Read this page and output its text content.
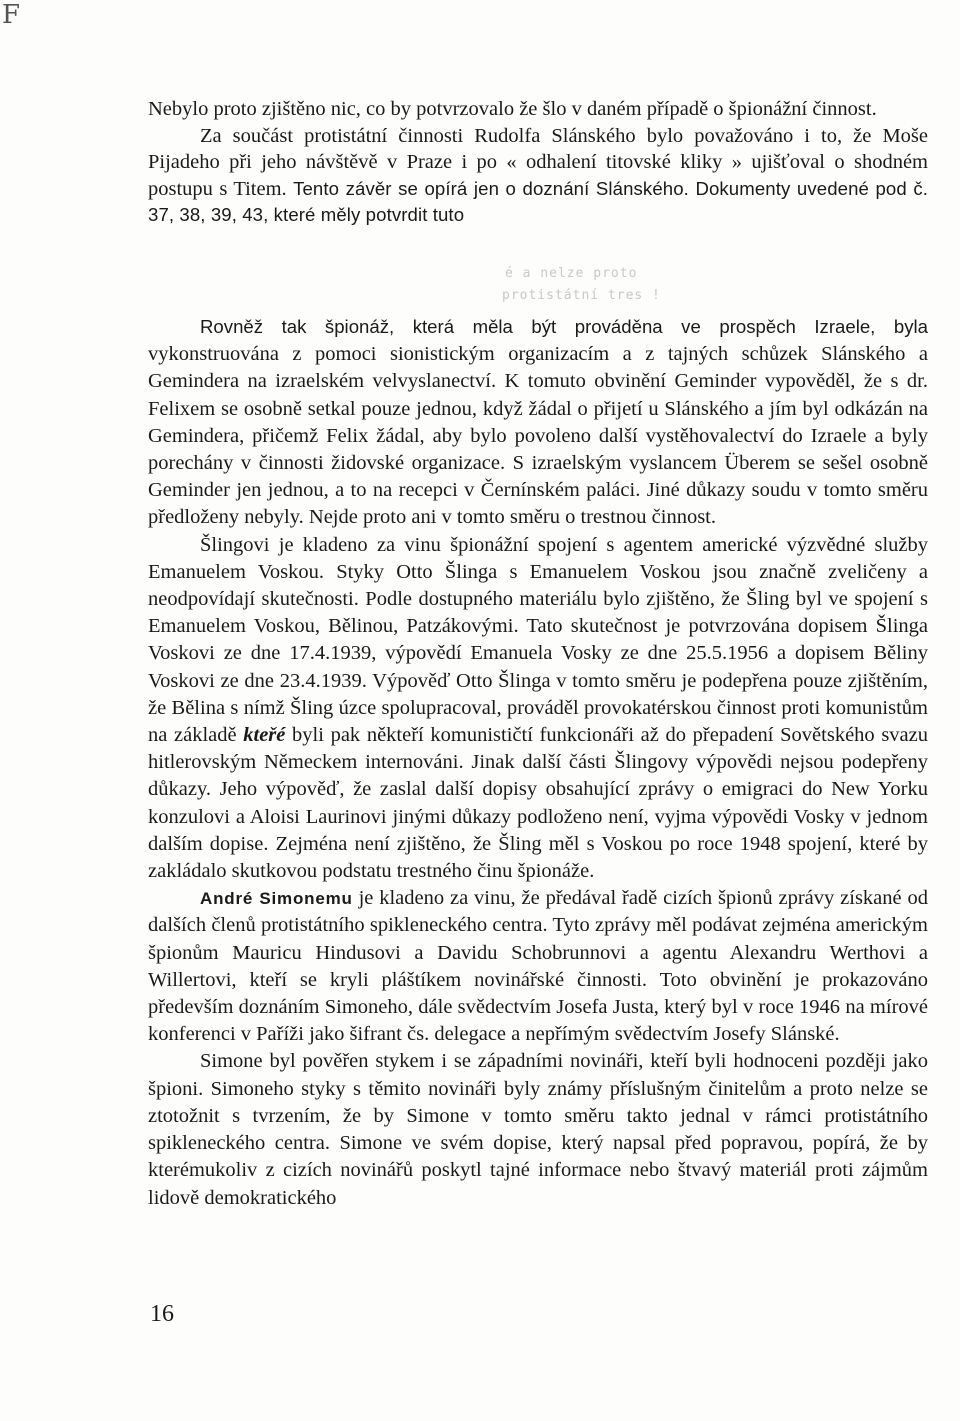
F

Nebylo proto zjištěno nic, co by potvrzovalo že šlo v daném případě o špionážní činnost.

Za součást protistátní činnosti Rudolfa Slánského bylo považováno i to, že Moše Pijadeho při jeho návštěvě v Praze i po « odhalení titovské kliky » ujišťoval o shodném postupu s Titem. Tento závěr se opírá jen o doznání Slánského. Dokumenty uvedené pod č. 37, 38, 39, 43, které měly potvrdit tuto

é a nelze proto
protistátní tres !

Rovněž tak špionáž, která měla být prováděna ve prospěch Izraele, byla vykonstruována z pomoci sionistickým organizacím a z tajných schůzek Slánského a Gemindera na izraelském velvyslanectví. K tomuto obvinění Geminder vypověděl, že s dr. Felixem se osobně setkal pouze jednou, když žádal o přijetí u Slánského a jím byl odkázán na Gemindera, přičemž Felix žádal, aby bylo povoleno další vystěhovalectví do Izraele a byly porechány v činnosti židovské organizace. S izraelským vyslancem Überem se sešel osobně Geminder jen jednou, a to na recepci v Černínském paláci. Jiné důkazy soudu v tomto směru předloženy nebyly. Nejde proto ani v tomto směru o trestnou činnost.

Šlingovi je kladeno za vinu špionážní spojení s agentem americké výzvědné služby Emanuelem Voskou. Styky Otto Šlinga s Emanuelem Voskou jsou značně zveličeny a neodpovídají skutečnosti. Podle dostupného materiálu bylo zjištěno, že Šling byl ve spojení s Emanuelem Voskou, Bělinou, Patzákovými. Tato skutečnost je potvrzována dopisem Šlinga Voskovi ze dne 17.4.1939, výpovědí Emanuela Vosky ze dne 25.5.1956 a dopisem Běliny Voskovi ze dne 23.4.1939. Výpověď Otto Šlinga v tomto směru je podepřena pouze zjištěním, že Bělina s nímž Šling úzce spolupracoval, prováděl provokatérskou činnost proti komunistům na základě kteřé byli pak někteří komunističtí funkcionáři až do přepadení Sovětského svazu hitlerovským Německem internováni. Jinak další části Šlingovy výpovědi nejsou podepřeny důkazy. Jeho výpověď, že zaslal další dopisy obsahující zprávy o emigraci do New Yorku konzulovi a Aloisi Laurinovi jinými důkazy podloženo není, vyjma výpovědi Vosky v jednom dalším dopise. Zejména není zjištěno, že Šling měl s Voskou po roce 1948 spojení, které by zakládalo skutkovou podstatu trestného činu špionáže.

André Simonemu je kladeno za vinu, že předával řadě cizích špionů zprávy získané od dalších členů protistátního spikleneckého centra. Tyto zprávy měl podávat zejména americkým špionům Mauricu Hindusovi a Davidu Schobrunnovi a agentu Alexandru Werthovi a Willertovi, kteří se kryli pláštíkem novinářské činnosti. Toto obvinění je prokazováno především doznáním Simoneho, dále svědectvím Josefa Justa, který byl v roce 1946 na mírové konferenci v Paříži jako šifrant čs. delegace a nepřímým svědectvím Josefy Slánské.

Simone byl pověřen stykem i se západními novináři, kteří byli hodnoceni později jako špioni. Simoneho styky s těmito novináři byly známy příslušným činitelům a proto nelze se ztotožnit s tvrzením, že by Simone v tomto směru takto jednal v rámci protistátního spikleneckého centra. Simone ve svém dopise, který napsal před popravou, popírá, že by kterémukoliv z cizích novinářů poskytl tajné informace nebo štvavý materiál proti zájmům lidově demokratického

16
